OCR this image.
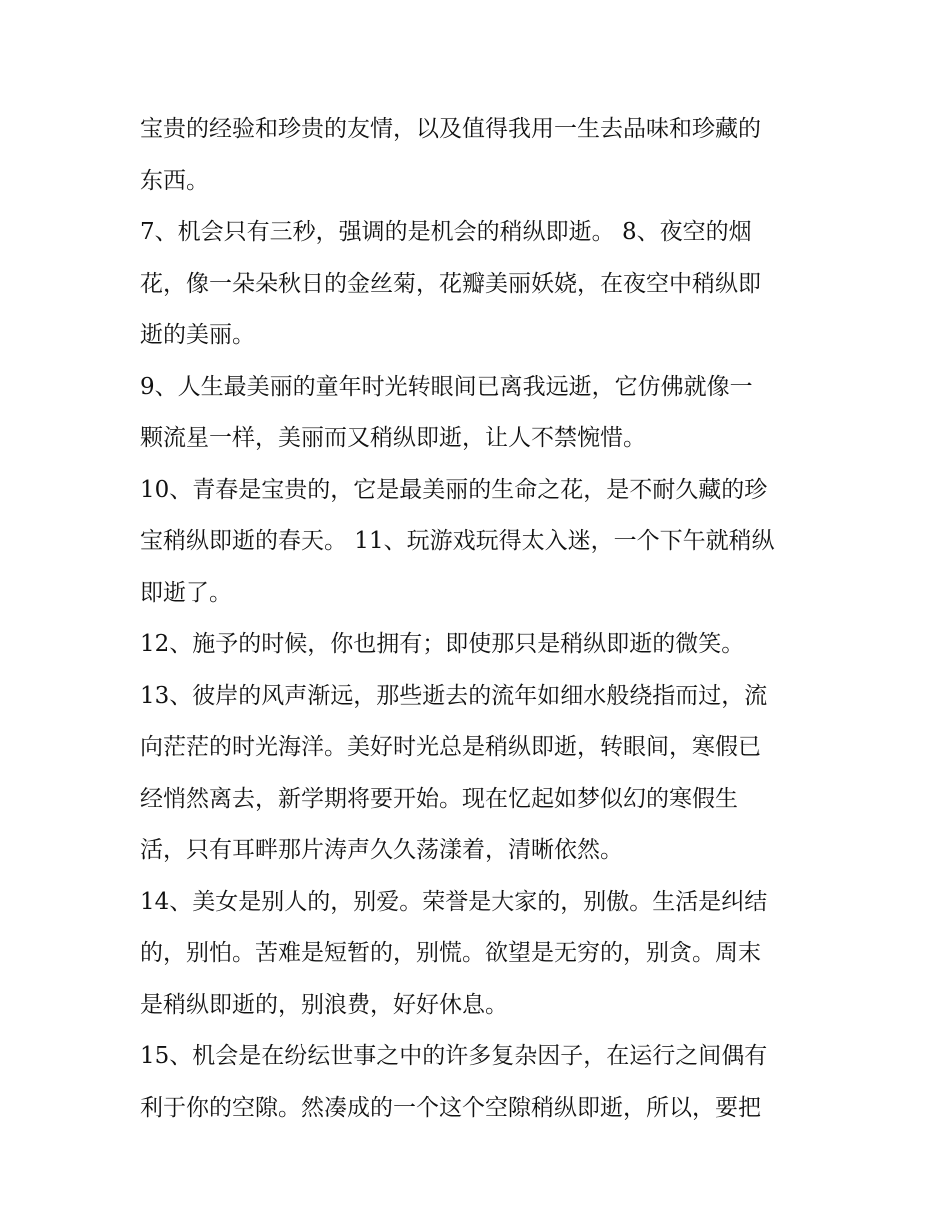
宝贵的经验和珍贵的友情，以及值得我用一生去品味和珍藏的
东西。
7、机会只有三秒，强调的是机会的稍纵即逝。 8、夜空的烟
花，像一朵朵秋日的金丝菊，花瓣美丽妖娆，在夜空中稍纵即
逝的美丽。
9、人生最美丽的童年时光转眼间已离我远逝，它仿佛就像一
颗流星一样，美丽而又稍纵即逝，让人不禁惋惜。
10、青春是宝贵的，它是最美丽的生命之花，是不耐久藏的珍
宝稍纵即逝的春天。 11、玩游戏玩得太入迷，一个下午就稍纵
即逝了。
12、施予的时候，你也拥有；即使那只是稍纵即逝的微笑。
13、彼岸的风声渐远，那些逝去的流年如细水般绕指而过，流
向茫茫的时光海洋。美好时光总是稍纵即逝，转眼间，寒假已
经悄然离去，新学期将要开始。现在忆起如梦似幻的寒假生
活，只有耳畔那片涛声久久荡漾着，清晰依然。
14、美女是别人的，别爱。荣誉是大家的，别傲。生活是纠结
的，别怕。苦难是短暂的，别慌。欲望是无穷的，别贪。周末
是稍纵即逝的，别浪费，好好休息。
15、机会是在纷纭世事之中的许多复杂因子，在运行之间偶有
利于你的空隙。然凑成的一个这个空隙稍纵即逝，所以，要把
